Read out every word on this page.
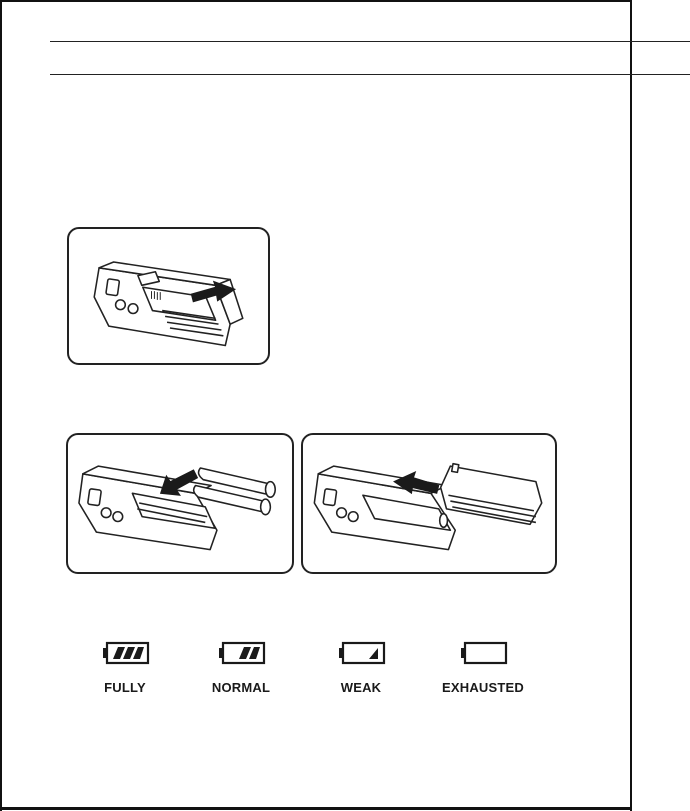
FULLY	NORMAL	WEAK	EXHAUSTED
